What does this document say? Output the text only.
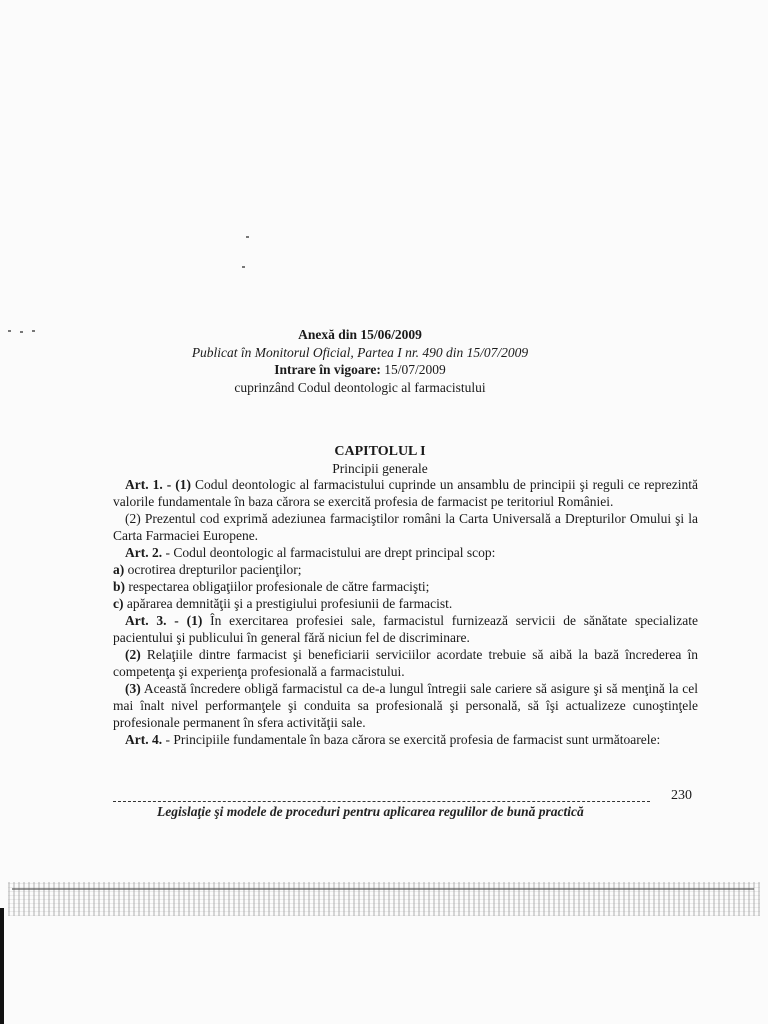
Anexă din 15/06/2009
Publicat în Monitorul Oficial, Partea I nr. 490 din 15/07/2009
Intrare în vigoare: 15/07/2009
cuprinzând Codul deontologic al farmacistului
CAPITOLUL I
Principii generale

Art. 1. - (1) Codul deontologic al farmacistului cuprinde un ansamblu de principii şi reguli ce reprezintă valorile fundamentale în baza cărora se exercită profesia de farmacist pe teritoriul României.

(2) Prezentul cod exprimă adeziunea farmaciştilor români la Carta Universală a Drepturilor Omului şi la Carta Farmaciei Europene.

Art. 2. - Codul deontologic al farmacistului are drept principal scop:

a) ocrotirea drepturilor pacienţilor;

b) respectarea obligaţiilor profesionale de către farmacişti;

c) apărarea demnităţii şi a prestigiului profesiunii de farmacist.

Art. 3. - (1) În exercitarea profesiei sale, farmacistul furnizează servicii de sănătate specializate pacientului şi publicului în general fără niciun fel de discriminare.

(2) Relaţiile dintre farmacist şi beneficiarii serviciilor acordate trebuie să aibă la bază încrederea în competenţa şi experienţa profesională a farmacistului.

(3) Această încredere obligă farmacistul ca de-a lungul întregii sale cariere să asigure şi să menţină la cel mai înalt nivel performanţele şi conduita sa profesională şi personală, să îşi actualizeze cunoştinţele profesionale permanent în sfera activităţii sale.

Art. 4. - Principiile fundamentale în baza cărora se exercită profesia de farmacist sunt următoarele:

230
Legislaţie şi modele de proceduri pentru aplicarea regulilor de bună practică
